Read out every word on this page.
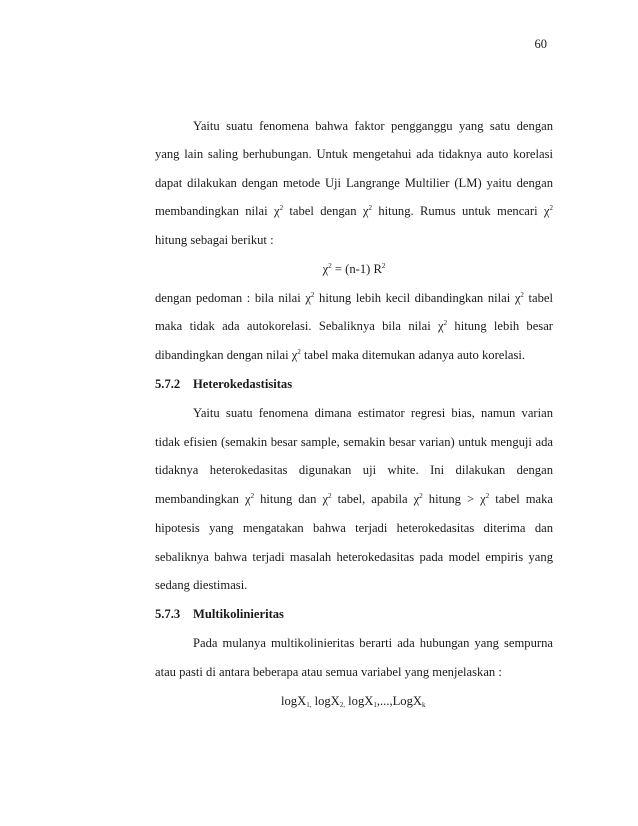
60
Yaitu suatu fenomena bahwa faktor pengganggu yang satu dengan
yang lain saling berhubungan. Untuk mengetahui ada tidaknya auto korelasi
dapat dilakukan dengan metode Uji Langrange Multilier (LM) yaitu dengan
membandingkan nilai $\chi^2$ tabel dengan $\chi^2$ hitung. Rumus untuk mencari $\chi^2$
hitung sebagai berikut :
$\chi^2 = (n-1)$ $R^2$
dengan pedoman : bila nilai $\chi^2$ hitung lebih kecil dibandingkan nilai $\chi^2$ tabel
maka tidak ada autokorelasi. Sebaliknya bila nilai $\chi^2$ hitung lebih besar
dibandingkan dengan nilai $\chi^2$ tabel maka ditemukan adanya auto korelasi.
5.7.2 Heterokedastisitas
Yaitu suatu fenomena dimana estimator regresi bias, namun varian
tidak efisien (semakin besar sample, semakin besar varian) untuk menguji ada
tidaknya heterokedasitas digunakan uji white. Ini dilakukan dengan
membandingkan $\chi^2$ hitung dan $\chi^2$ tabel, apabila $\chi^2$ hitung > $\chi^2$ tabel maka
hipotesis yang mengatakan bahwa terjadi heterokedasitas diterima dan
sebaliknya bahwa terjadi masalah heterokedasitas pada model empiris yang
sedang diestimasi.
5.7.3 Multikolinieritas
Pada mulanya multikolinieritas berarti ada hubungan yang sempurna
atau pasti di antara beberapa atau semua variabel yang menjelaskan :
logX$_{1,}$ logX$_{2,}$ logX$_1$,...,LogX$_k$
